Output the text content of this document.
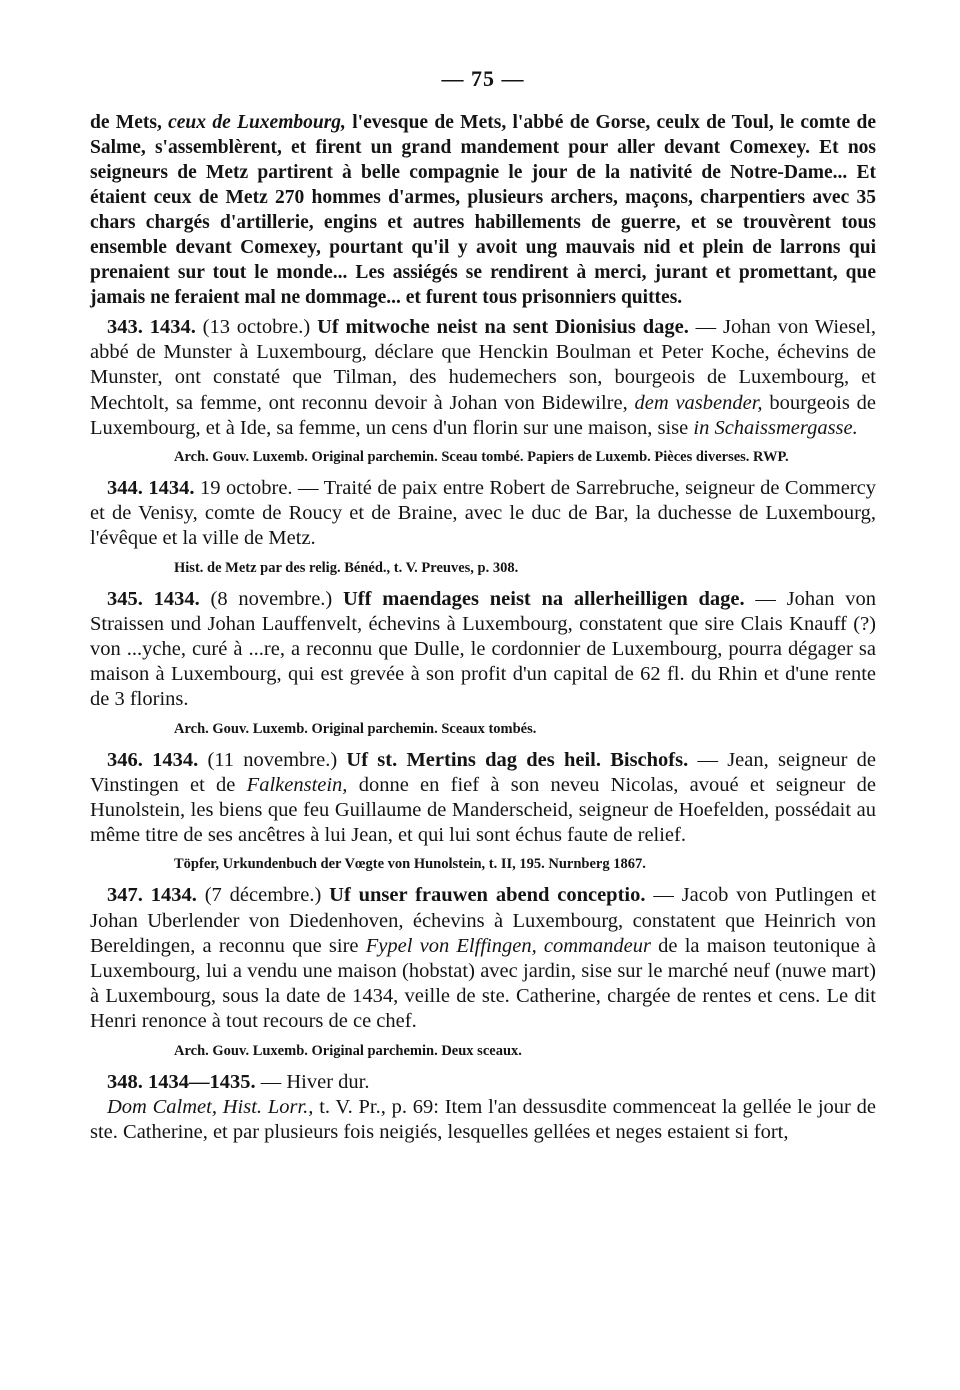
— 75 —

de Mets, ceux de Luxembourg, l'evesque de Mets, l'abbé de Gorse, ceulx de Toul, le comte de Salme, s'assemblèrent, et firent un grand mandement pour aller devant Comexey. Et nos seigneurs de Metz partirent à belle compagnie le jour de la nativité de Notre-Dame... Et étaient ceux de Metz 270 hommes d'armes, plusieurs archers, maçons, charpentiers avec 35 chars chargés d'artillerie, engins et autres habillements de guerre, et se trouvèrent tous ensemble devant Comexey, pourtant qu'il y avoit ung mauvais nid et plein de larrons qui prenaient sur tout le monde... Les assiégés se rendirent à merci, jurant et promettant, que jamais ne feraient mal ne dommage... et furent tous prisonniers quittes.

343. 1434. (13 octobre.) Uf mitwoche neist na sent Dionisius dage. — Johan von Wiesel, abbé de Munster à Luxembourg, déclare que Henckin Boulman et Peter Koche, échevins de Munster, ont constaté que Tilman, des hudemechers son, bourgeois de Luxembourg, et Mechtolt, sa femme, ont reconnu devoir à Johan von Bidewilre, dem vasbender, bourgeois de Luxembourg, et à Ide, sa femme, un cens d'un florin sur une maison, sise in Schaissmergasse.

Arch. Gouv. Luxemb. Original parchemin. Sceau tombé. Papiers de Luxemb. Pièces diverses. RWP.

344. 1434. 19 octobre. — Traité de paix entre Robert de Sarrebruche, seigneur de Commercy et de Venisy, comte de Roucy et de Braine, avec le duc de Bar, la duchesse de Luxembourg, l'évêque et la ville de Metz.

Hist. de Metz par des relig. Bénéd., t. V. Preuves, p. 308.

345. 1434. (8 novembre.) Uff maendages neist na allerheilligen dage. — Johan von Straissen und Johan Lauffenvelt, échevins à Luxembourg, constatent que sire Clais Knauff (?) von ...yche, curé à ...re, a reconnu que Dulle, le cordonnier de Luxembourg, pourra dégager sa maison à Luxembourg, qui est grevée à son profit d'un capital de 62 fl. du Rhin et d'une rente de 3 florins.

Arch. Gouv. Luxemb. Original parchemin. Sceaux tombés.

346. 1434. (11 novembre.) Uf st. Mertins dag des heil. Bischofs. — Jean, seigneur de Vinstingen et de Falkenstein, donne en fief à son neveu Nicolas, avoué et seigneur de Hunolstein, les biens que feu Guillaume de Manderscheid, seigneur de Hoefelden, possédait au même titre de ses ancêtres à lui Jean, et qui lui sont échus faute de relief.

Töpfer, Urkundenbuch der Vœgte von Hunolstein, t. II, 195. Nurnberg 1867.

347. 1434. (7 décembre.) Uf unser frauwen abend conceptio. — Jacob von Putlingen et Johan Uberlender von Diedenhoven, échevins à Luxembourg, constatent que Heinrich von Bereldingen, a reconnu que sire Fypel von Elffingen, commandeur de la maison teutonique à Luxembourg, lui a vendu une maison (hobstat) avec jardin, sise sur le marché neuf (nuwe mart) à Luxembourg, sous la date de 1434, veille de ste. Catherine, chargée de rentes et cens. Le dit Henri renonce à tout recours de ce chef.

Arch. Gouv. Luxemb. Original parchemin. Deux sceaux.

348. 1434—1435. — Hiver dur.

Dom Calmet, Hist. Lorr., t. V. Pr., p. 69: Item l'an dessusdite commenceat la gellée le jour de ste. Catherine, et par plusieurs fois neigiés, lesquelles gellées et neges estaient si fort,
